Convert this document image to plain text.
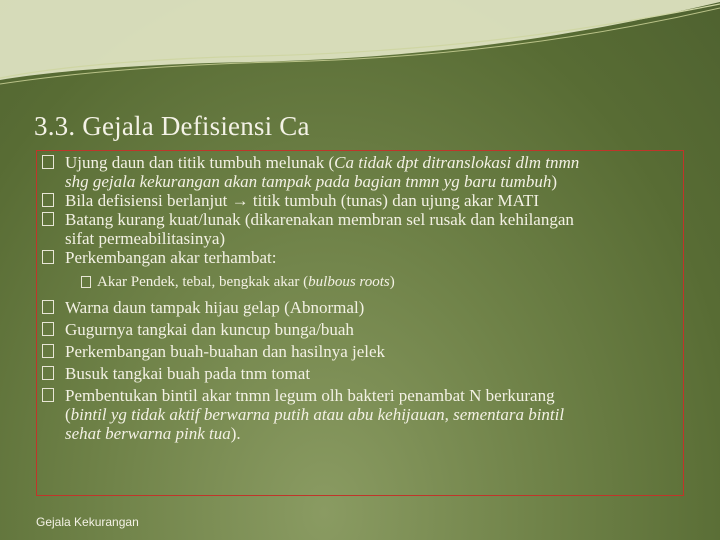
3.3. Gejala Defisiensi Ca
Ujung daun dan titik tumbuh melunak (Ca tidak dpt ditranslokasi dlm tnmn
shg gejala kekurangan akan tampak pada bagian tnmn yg baru tumbuh)
Bila defisiensi berlanjut → titik tumbuh (tunas) dan ujung akar MATI
Batang kurang kuat/lunak (dikarenakan membran sel rusak dan kehilangan
sifat permeabilitasinya)
Perkembangan akar terhambat:
Akar Pendek, tebal, bengkak akar (bulbous roots)
Warna daun tampak hijau gelap (Abnormal)
Gugurnya tangkai dan kuncup bunga/buah
Perkembangan buah-buahan dan hasilnya jelek
Busuk tangkai buah pada tnm tomat
Pembentukan bintil akar tnmn legum olh bakteri penambat N berkurang
(bintil yg tidak aktif berwarna putih atau abu kehijauan, sementara bintil
sehat berwarna pink tua).
Gejala Kekurangan
